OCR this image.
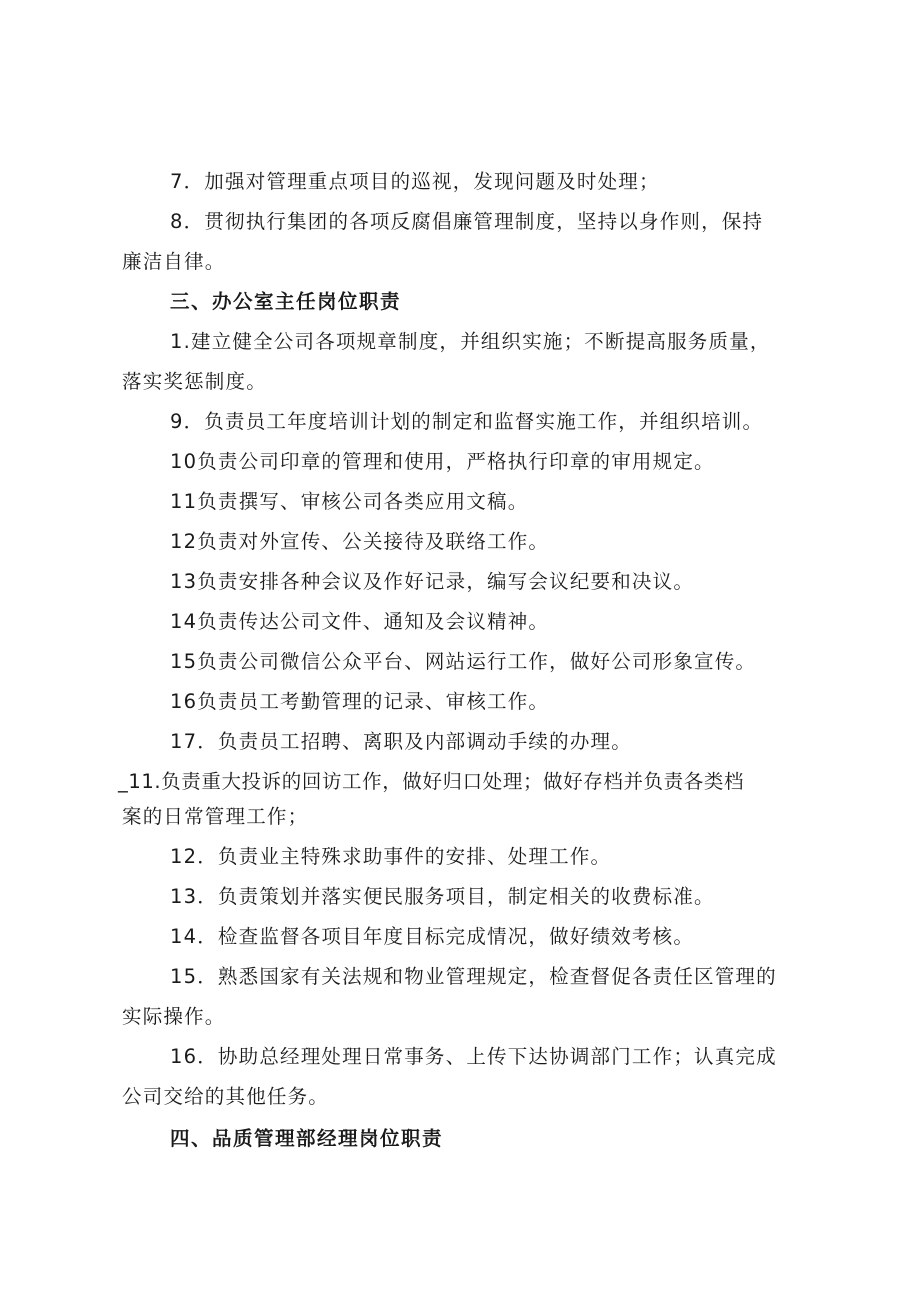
7．加强对管理重点项目的巡视，发现问题及时处理；
8．贯彻执行集团的各项反腐倡廉管理制度，坚持以身作则，保持
廉洁自律。
三、办公室主任岗位职责
1.建立健全公司各项规章制度，并组织实施；不断提高服务质量，
落实奖惩制度。
9．负责员工年度培训计划的制定和监督实施工作，并组织培训。
10负责公司印章的管理和使用，严格执行印章的审用规定。
11负责撰写、审核公司各类应用文稿。
12负责对外宣传、公关接待及联络工作。
13负责安排各种会议及作好记录，编写会议纪要和决议。
14负责传达公司文件、通知及会议精神。
15负责公司微信公众平台、网站运行工作，做好公司形象宣传。
16负责员工考勤管理的记录、审核工作。
17．负责员工招聘、离职及内部调动手续的办理。
_11.负责重大投诉的回访工作，做好归口处理；做好存档并负责各类档
案的日常管理工作；
12．负责业主特殊求助事件的安排、处理工作。
13．负责策划并落实便民服务项目，制定相关的收费标准。
14．检查监督各项目年度目标完成情况，做好绩效考核。
15．熟悉国家有关法规和物业管理规定，检查督促各责任区管理的
实际操作。
16．协助总经理处理日常事务、上传下达协调部门工作；认真完成
公司交给的其他任务。
四、品质管理部经理岗位职责
